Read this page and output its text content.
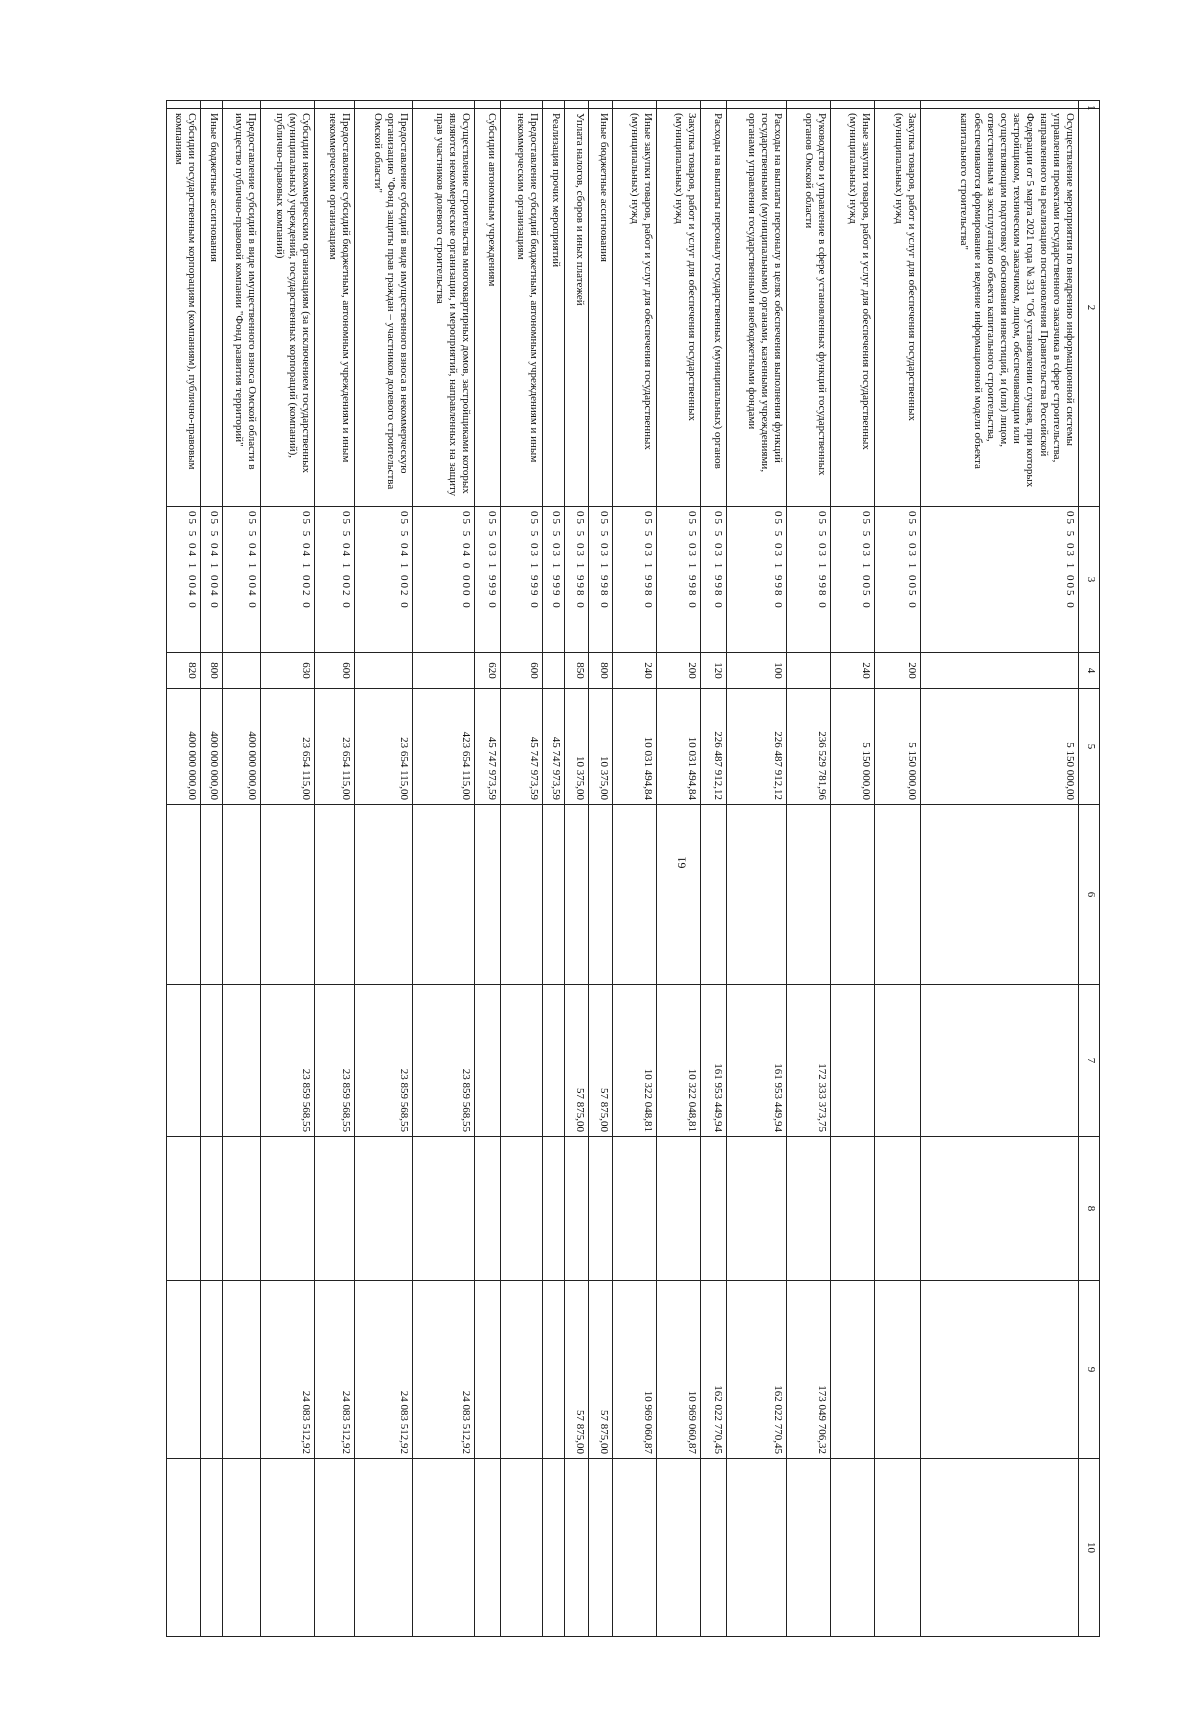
61
1	2	3	4	5	6	7	8	9	10
	Осуществление мероприятия по внедрению информационной системы управления проектами государственного заказчика в сфере строительства, направленного на реализацию постановления Правительства Российской Федерации от 5 марта 2021 года № 331 "Об установлении случаев, при которых застройщиком, техническим заказчиком, лицом, обеспечивающим или осуществляющим подготовку обоснования инвестиций, и (или) лицом, ответственным за эксплуатацию объекта капитального строительства, обеспечиваются формирование и ведение информационной модели объекта капитального строительства"	05 5 03 1 005 0		5 150 000,00					
	Закупка товаров, работ и услуг для обеспечения государственных (муниципальных) нужд	05 5 03 1 005 0	200	5 150 000,00					
	Иные закупки товаров, работ и услуг для обеспечения государственных (муниципальных) нужд	05 5 03 1 005 0	240	5 150 000,00					
	Руководство и управление в сфере установленных функций государственных органов Омской области	05 5 03 1 998 0		236 529 781,96		172 333 373,75		173 049 706,32	
	Расходы на выплаты персоналу в целях обеспечения выполнения функций государственными (муниципальными) органами, казенными учреждениями, органами управления государственными внебюджетными фондами	05 5 03 1 998 0	100	226 487 912,12		161 953 449,94		162 022 770,45	
	Расходы на выплаты персоналу государственных (муниципальных) органов	05 5 03 1 998 0	120	226 487 912,12		161 953 449,94		162 022 770,45	
	Закупка товаров, работ и услуг для обеспечения государственных (муниципальных) нужд	05 5 03 1 998 0	200	10 031 494,84		10 322 048,81		10 969 060,87	
	Иные закупки товаров, работ и услуг для обеспечения государственных (муниципальных) нужд	05 5 03 1 998 0	240	10 031 494,84		10 322 048,81		10 969 060,87	
	Иные бюджетные ассигнования	05 5 03 1 998 0	800	10 375,00		57 875,00		57 875,00	
	Уплата налогов, сборов и иных платежей	05 5 03 1 998 0	850	10 375,00		57 875,00		57 875,00	
	Реализация прочих мероприятий	05 5 03 1 999 0		45 747 973,59					
	Предоставление субсидий бюджетным, автономным учреждениям и иным некоммерческим организациям	05 5 03 1 999 0	600	45 747 973,59					
	Субсидии автономным учреждениям	05 5 03 1 999 0	620	45 747 973,59					
	Осуществление строительства многоквартирных домов, застройщиками которых являются некоммерческие организации, и мероприятий, направленных на защиту прав участников долевого строительства	05 5 04 0 000 0		423 654 115,00		23 859 568,55		24 083 512,92	
	Предоставление субсидий в виде имущественного взноса в некоммерческую организацию "Фонд защиты прав граждан – участников долевого строительства Омской области"	05 5 04 1 002 0		23 654 115,00		23 859 568,55		24 083 512,92	
	Предоставление субсидий бюджетным, автономным учреждениям и иным некоммерческим организациям	05 5 04 1 002 0	600	23 654 115,00		23 859 568,55		24 083 512,92	
	Субсидии некоммерческим организациям (за исключением государственных (муниципальных) учреждений, государственных корпораций (компаний), публично-правовых компаний)	05 5 04 1 002 0	630	23 654 115,00		23 859 568,55		24 083 512,92	
	Предоставление субсидий в виде имущественного взноса Омской области в имущество публично-правовой компании "Фонд развития территорий"	05 5 04 1 004 0		400 000 000,00					
	Иные бюджетные ассигнования	05 5 04 1 004 0	800	400 000 000,00					
	Субсидии государственным корпорациям (компаниям), публично-правовым компаниям	05 5 04 1 004 0	820	400 000 000,00					
